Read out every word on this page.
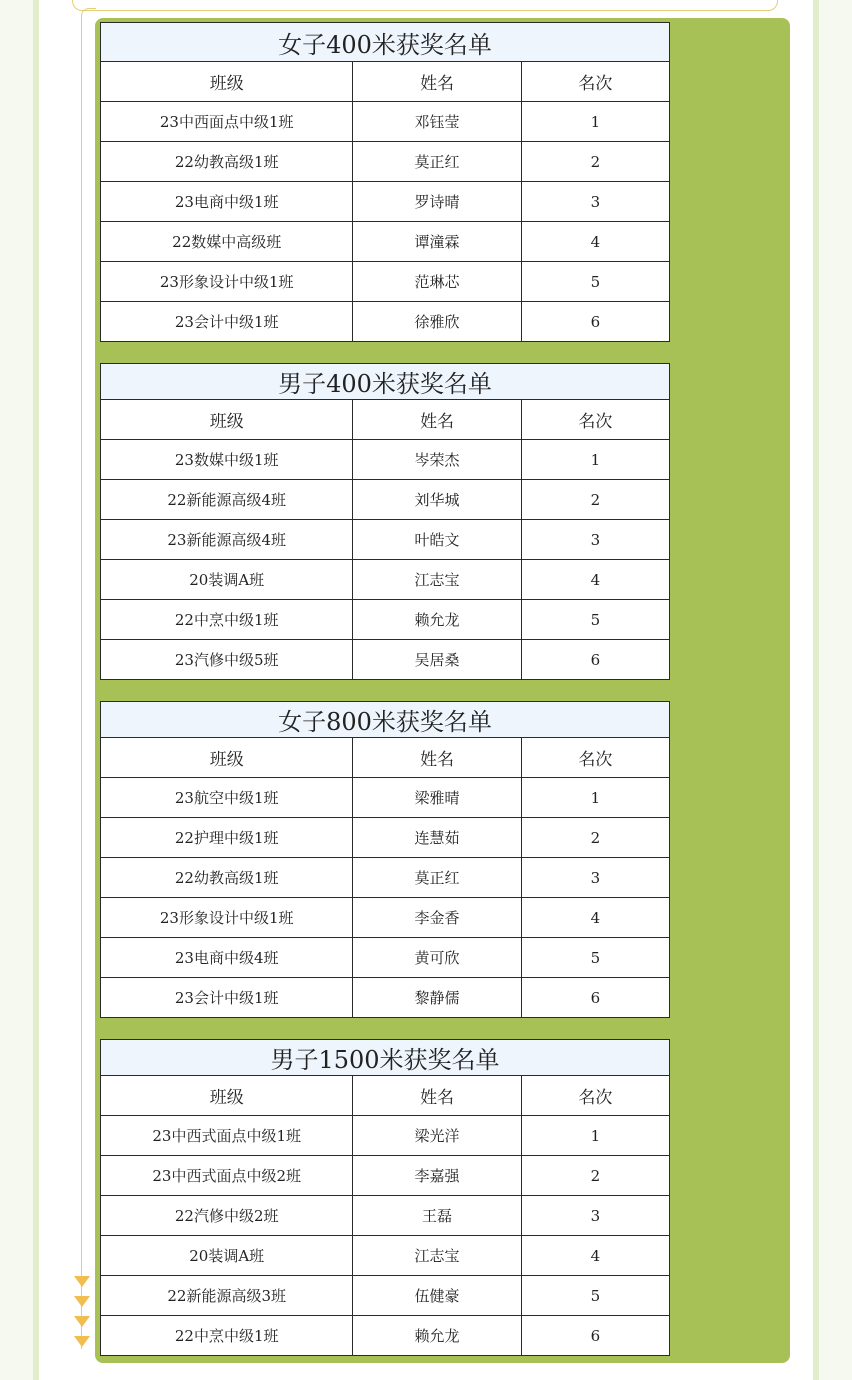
女子400米获奖名单		
班级	姓名	名次
23中西面点中级1班	邓钰莹	1
22幼教高级1班	莫正红	2
23电商中级1班	罗诗晴	3
22数媒中高级班	谭潼霖	4
23形象设计中级1班	范琳芯	5
23会计中级1班	徐雅欣	6
男子400米获奖名单		
班级	姓名	名次
23数媒中级1班	岑荣杰	1
22新能源高级4班	刘华城	2
23新能源高级4班	叶皓文	3
20装调A班	江志宝	4
22中烹中级1班	赖允龙	5
23汽修中级5班	吴居桑	6
女子800米获奖名单		
班级	姓名	名次
23航空中级1班	梁雅晴	1
22护理中级1班	连慧茹	2
22幼教高级1班	莫正红	3
23形象设计中级1班	李金香	4
23电商中级4班	黄可欣	5
23会计中级1班	黎静儒	6
男子1500米获奖名单		
班级	姓名	名次
23中西式面点中级1班	梁光洋	1
23中西式面点中级2班	李嘉强	2
22汽修中级2班	王磊	3
20装调A班	江志宝	4
22新能源高级3班	伍健豪	5
22中烹中级1班	赖允龙	6
